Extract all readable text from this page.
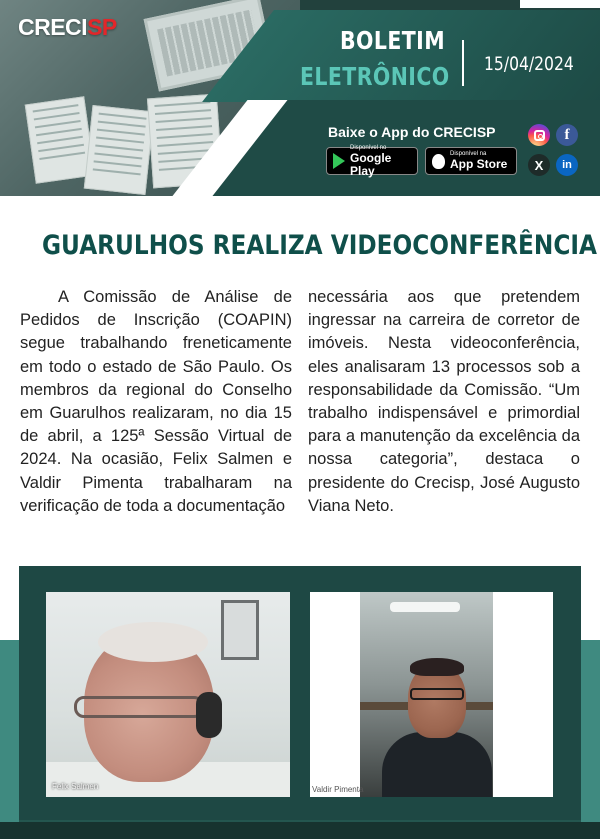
CRECISP	BOLETIM
ELETRÔNICO 15/04/2024
Baixe o App do CRECISP
Disponível no
Google Play
Disponível na
App Store
f
X	in
GUARULHOS REALIZA VIDEOCONFERÊNCIA

A Comissão de Análise de Pedidos de Inscrição (COAPIN) segue trabalhando freneticamente em todo o estado de São Paulo. Os membros da regional do Conselho em Guarulhos realizaram, no dia 15 de abril, a 125ª Sessão Virtual de 2024. Na ocasião, Felix Salmen e Valdir Pimenta trabalharam na verificação de toda a documentação

necessária aos que pretendem ingressar na carreira de corretor de imóveis. Nesta videoconferência, eles analisaram 13 processos sob a responsabilidade da Comissão. “Um trabalho indispensável e primordial para a manutenção da excelência da nossa categoria”, destaca o presidente do Crecisp, José Augusto Viana Neto.

Felix Salmen	Valdir Pimenta
